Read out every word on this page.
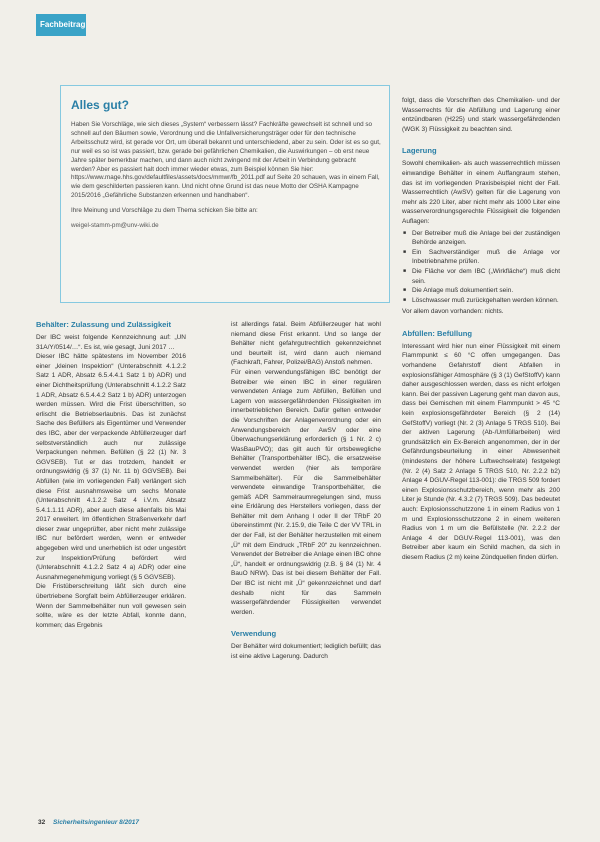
Fachbeitrag
Alles gut?

Haben Sie Vorschläge, wie sich dieses „System“ verbessern lässt? Fachkräfte gewechselt ist schnell und so schnell auf den Bäumen sowie, Verordnung und die Unfallversicherungsträger oder für den technische Arbeitsschutz wird, ist gerade vor Ort, um überall bekannt und unterschiedend, aber zu sein. Oder ist es so gut, nur weil es so ist was passiert, bzw. gerade bei gefährlichen Chemikalien, die Auswirkungen – ob erst neue Jahre später bemerkbar machen, und dann auch nicht zwingend mit der Arbeit in Verbindung gebracht werden? Aber es passiert halt doch immer wieder etwas, zum Beispiel können Sie hier: https://www.mage.hhs.gov/defaultfiles/assets/docs/mmwr/fb_2011.pdf auf Seite 20 schauen, was in einem Fall, wie dem geschilderten passieren kann. Und nicht ohne Grund ist das neue Motto der OSHA Kampagne 2015/2016 „Gefährliche Substanzen erkennen und handhaben“.

Ihre Meinung und Vorschläge zu dem Thema schicken Sie bitte an:

weigel-stamm-pm@unv-wiki.de

Behälter: Zulassung und Zulässigkeit

Der IBC weist folgende Kennzeichnung auf: „UN 31A/Y/0514/…“. Es ist, wie gesagt, Juni 2017 …

Dieser IBC hätte spätestens im November 2016 einer „kleinen Inspektion“ (Unterabschnitt 4.1.2.2 Satz 1 ADR, Absatz 6.5.4.4.1 Satz 1 b) ADR) und einer Dichtheitsprüfung (Unterabschnitt 4.1.2.2 Satz 1 ADR, Absatz 6.5.4.4.2 Satz 1 b) ADR) unterzogen werden müssen. Wird die Frist überschritten, so erlischt die Betriebserlaubnis. Das ist zunächst Sache des Befüllers als Eigentümer und Verwender des IBC, aber der verpackende Abfüllerzeuger darf selbstverständlich auch nur zulässige Verpackungen nehmen. Befüllen (§ 22 (1) Nr. 3 GGVSEB). Tut er das trotzdem, handelt er ordnungswidrig (§ 37 (1) Nr. 11 b) GGVSEB). Bei Abfüllen (wie im vorliegenden Fall) verlängert sich diese Frist ausnahmsweise um sechs Monate (Unterabschnitt 4.1.2.2 Satz 4 i.V.m. Absatz 5.4.1.1.11 ADR), aber auch diese allenfalls bis Mai 2017 erweitert. Im öffentlichen Straßenverkehr darf dieser zwar ungeprüfter, aber nicht mehr zulässige IBC nur befördert werden, wenn er entweder abgegeben wird und unerheblich ist oder ungestört zur Inspektion/Prüfung befördert wird (Unterabschnitt 4.1.2.2 Satz 4 a) ADR) oder eine Ausnahmegenehmigung vorliegt (§ 5 GGVSEB).

Die Fristüberschreitung läßt sich durch eine übertriebene Sorgfalt beim Abfüllerzeuger erklären. Wenn der Sammelbehälter nun voll gewesen sein sollte, wäre es der letzte Abfall, konnte dann, kommen; das Ergebnis

ist allerdings fatal. Beim Abfüllerzeuger hat wohl niemand diese Frist erkannt. Und so lange der Behälter nicht gefahrgutrechtlich gekennzeichnet und beurteilt ist, wird dann auch niemand (Fachkraft, Fahrer, Polizei/BAG) Anstoß nehmen.

Für einen verwendungsfähigen IBC benötigt der Betreiber wie einen IBC in einer regulären verwendeten Anlage zum Abfüllen, Befüllen und Lagern von wassergefährdenden Flüssigkeiten im innerbetrieblichen Bereich. Dafür gelten entweder die Vorschriften der Anlagenverordnung oder ein Anwendungsbereich der AwSV oder eine Überwachungserklärung erforderlich (§ 1 Nr. 2 c) WasBauPVO); das gilt auch für ortsbewegliche Behälter (Transportbehälter IBC), die ersatzweise verwendet werden (hier als temporäre Sammelbehälter). Für die Sammelbehälter verwendete einwandige Transportbehälter, die gemäß ADR Sammelraumregelungen sind, muss eine Erklärung des Herstellers vorliegen, dass der Behälter mit dem Anhang I oder II der TRbF 20 übereinstimmt (Nr. 2.15.9, die Teile C der VV TRL in der der Fall, ist der Behälter herzustellen mit einem „Ü“ mit dem Eindruck „TRbF 20“ zu kennzeichnen. Verwendet der Betreiber die Anlage einen IBC ohne „Ü“, handelt er ordnungswidrig (z.B. § 84 (1) Nr. 4 BauO NRW). Das ist bei diesem Behälter der Fall. Der IBC ist nicht mit „Ü“ gekennzeichnet und darf deshalb nicht für das Sammeln wassergefährdender Flüssigkeiten verwendet werden.

Verwendung

Der Behälter wird dokumentiert; lediglich befüllt; das ist eine aktive Lagerung. Dadurch

folgt, dass die Vorschriften des Chemikalien- und der Wasserrechts für die Abfüllung und Lagerung einer entzündbaren (H225) und stark wassergefährdenden (WGK 3) Flüssigkeit zu beachten sind.

Lagerung

Sowohl chemikalien- als auch wasserrechtlich müssen einwandige Behälter in einem Auffangraum stehen, das ist im vorliegenden Praxisbeispiel nicht der Fall. Wasserrechtlich (AwSV) gelten für die Lagerung von mehr als 220 Liter, aber nicht mehr als 1000 Liter eine wasserverordnungsgerechte Flüssigkeit die folgenden Auflagen:

■ Der Betreiber muß die Anlage bei der zuständigen Behörde anzeigen.
■ Ein Sachverständiger muß die Anlage vor Inbetriebnahme prüfen.
■ Die Fläche vor dem IBC („Wirkfläche“) muß dicht sein.
■ Die Anlage muß dokumentiert sein.
■ Löschwasser muß zurückgehalten werden können.

Vor allem davon vorhanden: nichts.

Abfüllen: Befüllung

Interessant wird hier nun einer Flüssigkeit mit einem Flammpunkt ≤ 60 °C offen umgegangen. Das vorhandene Gefahrstoff dient Abfallen in explosionsfähiger Atmosphäre (§ 3 (1) GefStoffV) kann daher ausgeschlossen werden, dass es nicht erfolgen kann. Bei der passiven Lagerung geht man davon aus, dass bei Gemischen mit einem Flammpunkt > 45 °C kein explosionsgefährdeter Bereich (§ 2 (14) GefStoffV) vorliegt (Nr. 2 (3) Anlage 5 TRGS 510). Bei der aktiven Lagerung (Ab-/Umfüllarbeiten) wird grundsätzlich ein Ex-Bereich angenommen, der in der Gefährdungsbeurteilung in einer Abwesenheit (mindestens der höhere Luftwechselrate) festgelegt (Nr. 2 (4) Satz 2 Anlage 5 TRGS 510, Nr. 2.2.2 b2) Anlage 4 DGUV-Regel 113-001): die TRGS 509 fordert einen Explosionsschutzbereich, wenn mehr als 200 Liter je Stunde (Nr. 4.3.2 (7) TRGS 509). Das bedeutet auch: Explosionsschutzzone 1 in einem Radius von 1 m und Explosionsschutzzone 2 in einem weiteren Radius von 1 m um die Befüllstelle (Nr. 2.2.2 der Anlage 4 der DGUV-Regel 113-001), was den Betreiber aber kaum ein Schild machen, da sich in diesem Radius (2 m) keine Zündquellen finden dürfen.

32 Sicherheitsingenieur 8/2017
